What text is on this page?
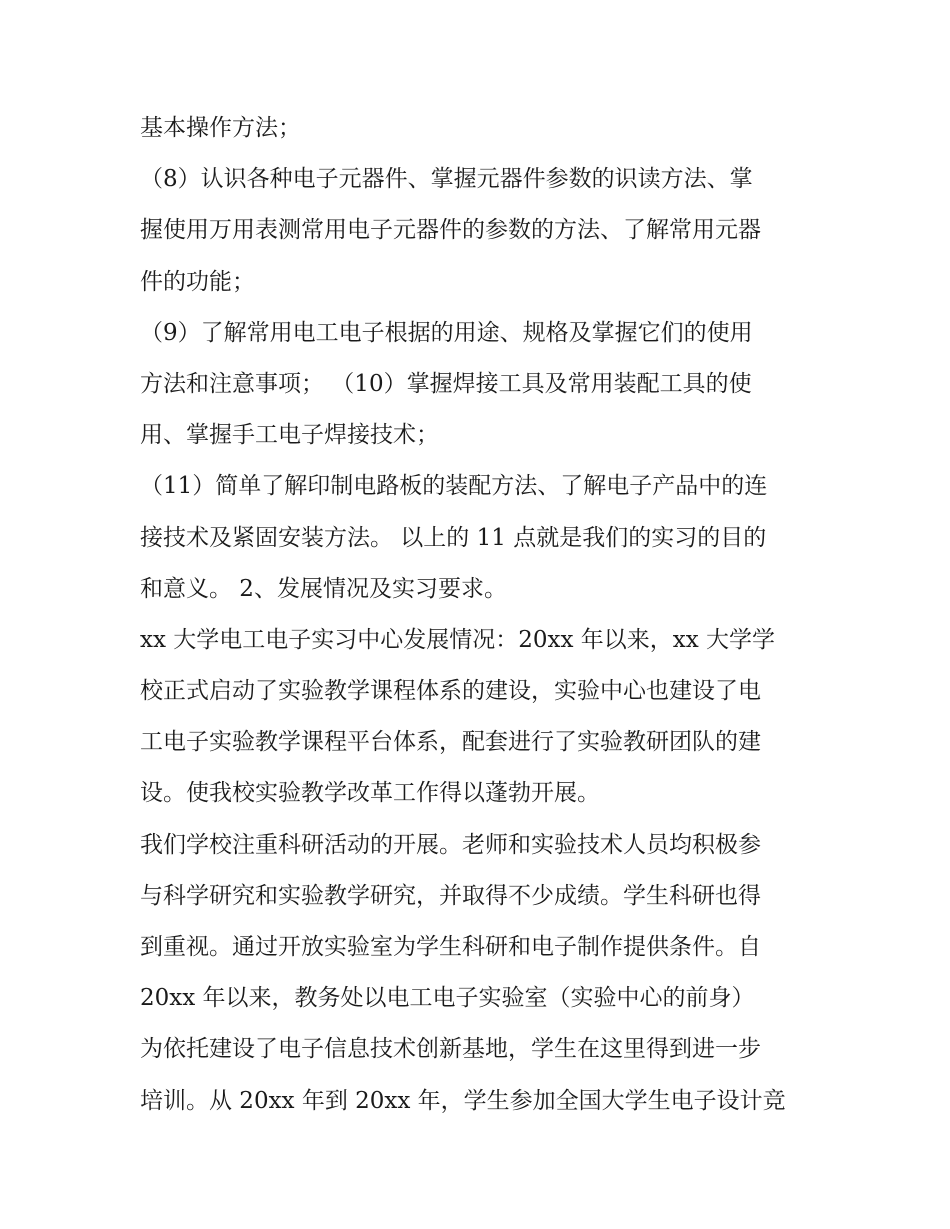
基本操作方法；
（8）认识各种电子元器件、掌握元器件参数的识读方法、掌
握使用万用表测常用电子元器件的参数的方法、了解常用元器
件的功能；
（9）了解常用电工电子根据的用途、规格及掌握它们的使用
方法和注意事项； （10）掌握焊接工具及常用装配工具的使
用、掌握手工电子焊接技术；
（11）简单了解印制电路板的装配方法、了解电子产品中的连
接技术及紧固安装方法。 以上的 11 点就是我们的实习的目的
和意义。 2、发展情况及实习要求。
xx 大学电工电子实习中心发展情况：20xx 年以来，xx 大学学
校正式启动了实验教学课程体系的建设，实验中心也建设了电
工电子实验教学课程平台体系，配套进行了实验教研团队的建
设。使我校实验教学改革工作得以蓬勃开展。
我们学校注重科研活动的开展。老师和实验技术人员均积极参
与科学研究和实验教学研究，并取得不少成绩。学生科研也得
到重视。通过开放实验室为学生科研和电子制作提供条件。自
20xx 年以来，教务处以电工电子实验室（实验中心的前身）
为依托建设了电子信息技术创新基地，学生在这里得到进一步
培训。从 20xx 年到 20xx 年，学生参加全国大学生电子设计竞
